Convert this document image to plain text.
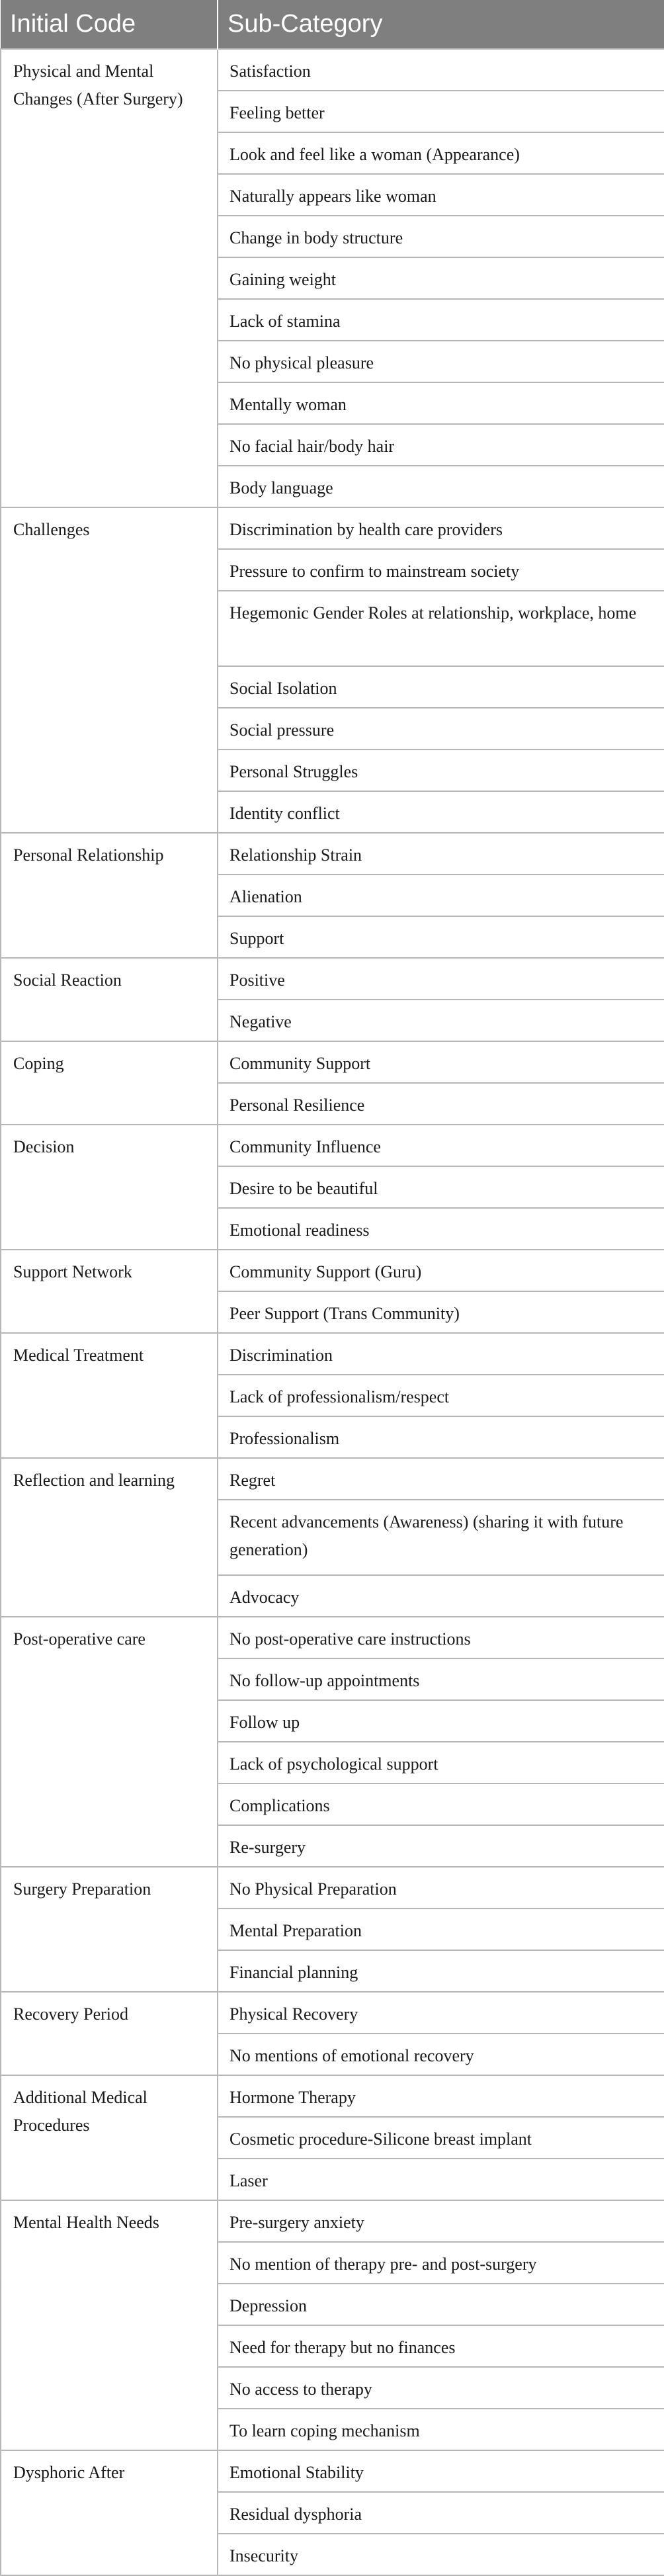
Initial Code	Sub-Category
Physical and Mental Changes (After Surgery)	Satisfaction
	Feeling better
	Look and feel like a woman (Appearance)
	Naturally appears like woman
	Change in body structure
	Gaining weight
	Lack of stamina
	No physical pleasure
	Mentally woman
	No facial hair/body hair
	Body language
Challenges	Discrimination by health care providers
	Pressure to confirm to mainstream society
	Hegemonic Gender Roles at relationship, workplace, home
	Social Isolation
	Social pressure
	Personal Struggles
	Identity conflict
Personal Relationship	Relationship Strain
	Alienation
	Support
Social Reaction	Positive
	Negative
Coping	Community Support
	Personal Resilience
Decision	Community Influence
	Desire to be beautiful
	Emotional readiness
Support Network	Community Support (Guru)
	Peer Support (Trans Community)
Medical Treatment	Discrimination
	Lack of professionalism/respect
	Professionalism
Reflection and learning	Regret
	Recent advancements (Awareness) (sharing it with future generation)
	Advocacy
Post-operative care	No post-operative care instructions
	No follow-up appointments
	Follow up
	Lack of psychological support
	Complications
	Re-surgery
Surgery Preparation	No Physical Preparation
	Mental Preparation
	Financial planning
Recovery Period	Physical Recovery
	No mentions of emotional recovery
Additional Medical Procedures	Hormone Therapy
	Cosmetic procedure-Silicone breast implant
	Laser
Mental Health Needs	Pre-surgery anxiety
	No mention of therapy pre- and post-surgery
	Depression
	Need for therapy but no finances
	No access to therapy
	To learn coping mechanism
Dysphoric After	Emotional Stability
	Residual dysphoria
	Insecurity
